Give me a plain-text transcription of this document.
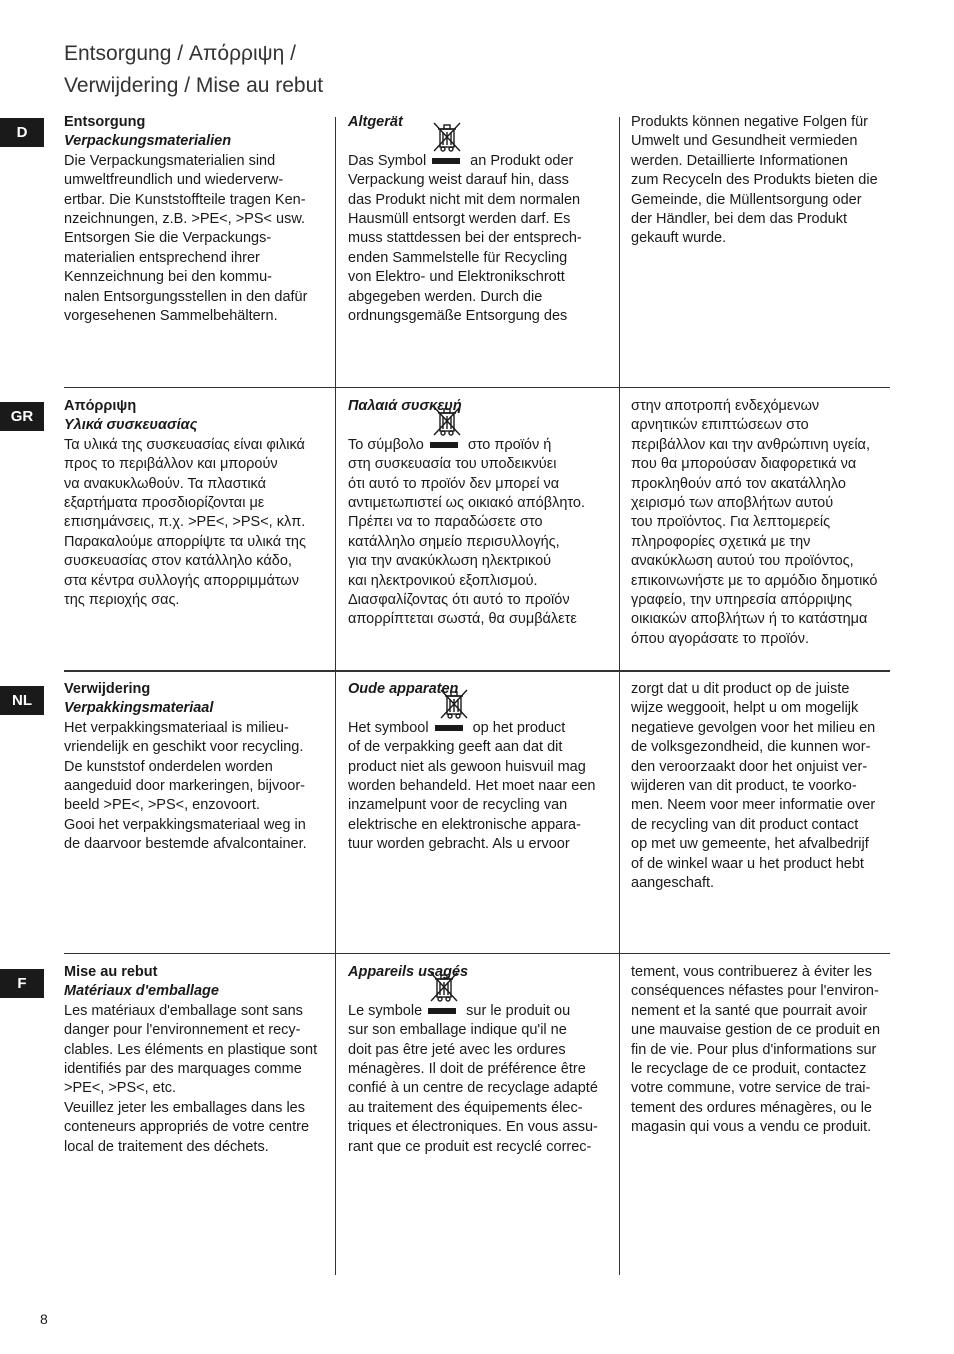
Entsorgung / Απόρριψη /
Verwijdering / Mise au rebut
D
Entsorgung
Verpackungsmaterialien
Die Verpackungsmaterialien sind
umweltfreundlich und wiederverw-
ertbar. Die Kunststoffteile tragen Ken-
nzeichnungen, z.B. >PE<, >PS< usw.
Entsorgen Sie die Verpackungs-
materialien entsprechend ihrer
Kennzeichnung bei den kommu-
nalen Entsorgungsstellen in den dafür
vorgesehenen Sammelbehältern.
Altgerät
Das Symbol	an Produkt oder
Verpackung weist darauf hin, dass
das Produkt nicht mit dem normalen
Hausmüll entsorgt werden darf. Es
muss stattdessen bei der entsprech-
enden Sammelstelle für Recycling
von Elektro- und Elektronikschrott
abgegeben werden. Durch die
ordnungsgemäße Entsorgung des
Produkts können negative Folgen für
Umwelt und Gesundheit vermieden
werden. Detaillierte Informationen
zum Recyceln des Produkts bieten die
Gemeinde, die Müllentsorgung oder
der Händler, bei dem das Produkt
gekauft wurde.
GR
Απόρριψη
Υλικά συσκευασίας
Τα υλικά της συσκευασίας είναι φιλικά
προς το περιβάλλον και μπορούν
να ανακυκλωθούν. Τα πλαστικά
εξαρτήματα προσδιορίζονται με
επισημάνσεις, π.χ. >PE<, >PS<, κλπ.
Παρακαλούμε απορρίψτε τα υλικά της
συσκευασίας στον κατάλληλο κάδο,
στα κέντρα συλλογής απορριμμάτων
της περιοχής σας.
Παλαιά συσκευή
Το σύμβολο	στο προϊόν ή
στη συσκευασία του υποδεικνύει
ότι αυτό το προϊόν δεν μπορεί να
αντιμετωπιστεί ως οικιακό απόβλητο.
Πρέπει να το παραδώσετε στο
κατάλληλο σημείο περισυλλογής,
για την ανακύκλωση ηλεκτρικού
και ηλεκτρονικού εξοπλισμού.
Διασφαλίζοντας ότι αυτό το προϊόν
απορρίπτεται σωστά, θα συμβάλετε
στην αποτροπή ενδεχόμενων
αρνητικών επιπτώσεων στο
περιβάλλον και την ανθρώπινη υγεία,
που θα μπορούσαν διαφορετικά να
προκληθούν από τον ακατάλληλο
χειρισμό των αποβλήτων αυτού
του προϊόντος. Για λεπτομερείς
πληροφορίες σχετικά με την
ανακύκλωση αυτού του προϊόντος,
επικοινωνήστε με το αρμόδιο δημοτικό
γραφείο, την υπηρεσία απόρριψης
οικιακών αποβλήτων ή το κατάστημα
όπου αγοράσατε το προϊόν.
NL
Verwijdering
Verpakkingsmateriaal
Het verpakkingsmateriaal is milieu-
vriendelijk en geschikt voor recycling.
De kunststof onderdelen worden
aangeduid door markeringen, bijvoor-
beeld >PE<, >PS<, enzovoort.
Gooi het verpakkingsmateriaal weg in
de daarvoor bestemde afvalcontainer.
Oude apparaten
Het symbool	op het product
of de verpakking geeft aan dat dit
product niet als gewoon huisvuil mag
worden behandeld. Het moet naar een
inzamelpunt voor de recycling van
elektrische en elektronische appara-
tuur worden gebracht. Als u ervoor
zorgt dat u dit product op de juiste
wijze weggooit, helpt u om mogelijk
negatieve gevolgen voor het milieu en
de volksgezondheid, die kunnen wor-
den veroorzaakt door het onjuist ver-
wijderen van dit product, te voorko-
men. Neem voor meer informatie over
de recycling van dit product contact
op met uw gemeente, het afvalbedrijf
of de winkel waar u het product hebt
aangeschaft.
F
Mise au rebut
Matériaux d'emballage
Les matériaux d'emballage sont sans
danger pour l'environnement et recy-
clables. Les éléments en plastique sont
identifiés par des marquages comme
>PE<, >PS<, etc.
Veuillez jeter les emballages dans les
conteneurs appropriés de votre centre
local de traitement des déchets.
Appareils usagés
Le symbole	sur le produit ou
sur son emballage indique qu'il ne
doit pas être jeté avec les ordures
ménagères. Il doit de préférence être
confié à un centre de recyclage adapté
au traitement des équipements élec-
triques et électroniques. En vous assu-
rant que ce produit est recyclé correc-
tement, vous contribuerez à éviter les
conséquences néfastes pour l'environ-
nement et la santé que pourrait avoir
une mauvaise gestion de ce produit en
fin de vie. Pour plus d'informations sur
le recyclage de ce produit, contactez
votre commune, votre service de trai-
tement des ordures ménagères, ou le
magasin qui vous a vendu ce produit.
8
